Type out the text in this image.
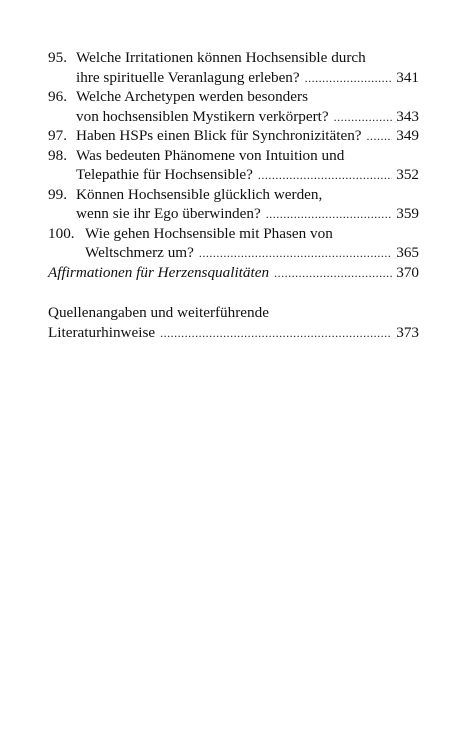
95. Welche Irritationen können Hochsensible durch
ihre spirituelle Veranlagung erleben? .....	341
96. Welche Archetypen werden besonders
von hochsensiblen Mystikern verkörpert? .....	343
97. Haben HSPs einen Blick für Synchronizitäten? ..... 349
98. Was bedeuten Phänomene von Intuition und
Telepathie für Hochsensible? .....	352
99. Können Hochsensible glücklich werden,
wenn sie ihr Ego überwinden? .....	359
100. Wie gehen Hochsensible mit Phasen von
Weltschmerz um? .....	365
Affirmationen für Herzensqualitäten .....	370
Quellenangaben und weiterführende
Literaturhinweise .....	373
